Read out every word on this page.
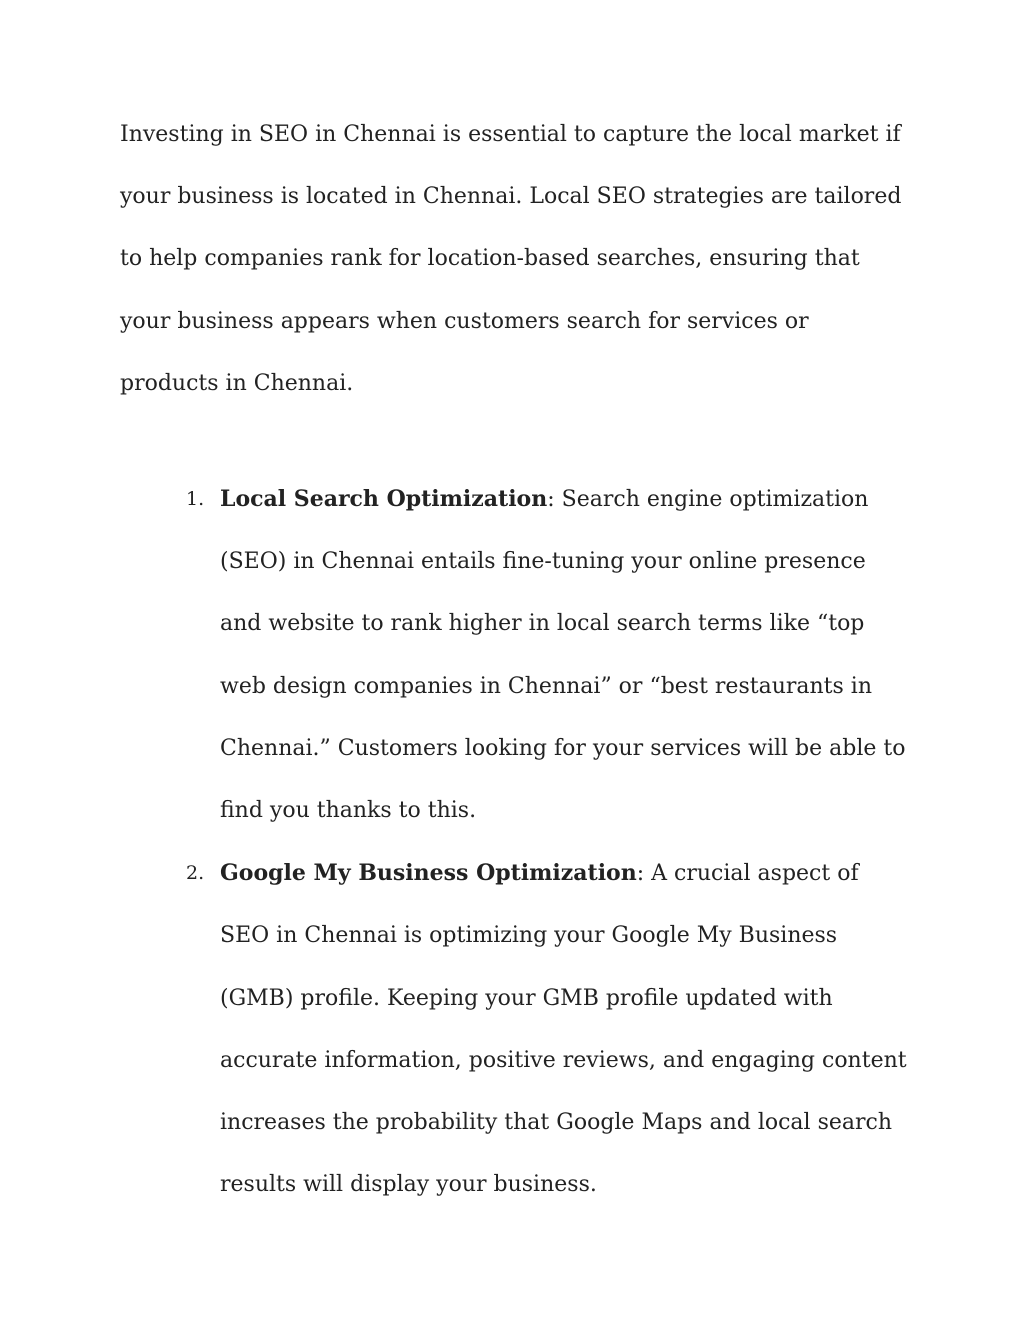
Investing in SEO in Chennai is essential to capture the local market if your business is located in Chennai. Local SEO strategies are tailored to help companies rank for location-based searches, ensuring that your business appears when customers search for services or products in Chennai.

1. Local Search Optimization: Search engine optimization (SEO) in Chennai entails fine-tuning your online presence and website to rank higher in local search terms like “top web design companies in Chennai” or “best restaurants in Chennai.” Customers looking for your services will be able to find you thanks to this.
2. Google My Business Optimization: A crucial aspect of SEO in Chennai is optimizing your Google My Business (GMB) profile. Keeping your GMB profile updated with accurate information, positive reviews, and engaging content increases the probability that Google Maps and local search results will display your business.
